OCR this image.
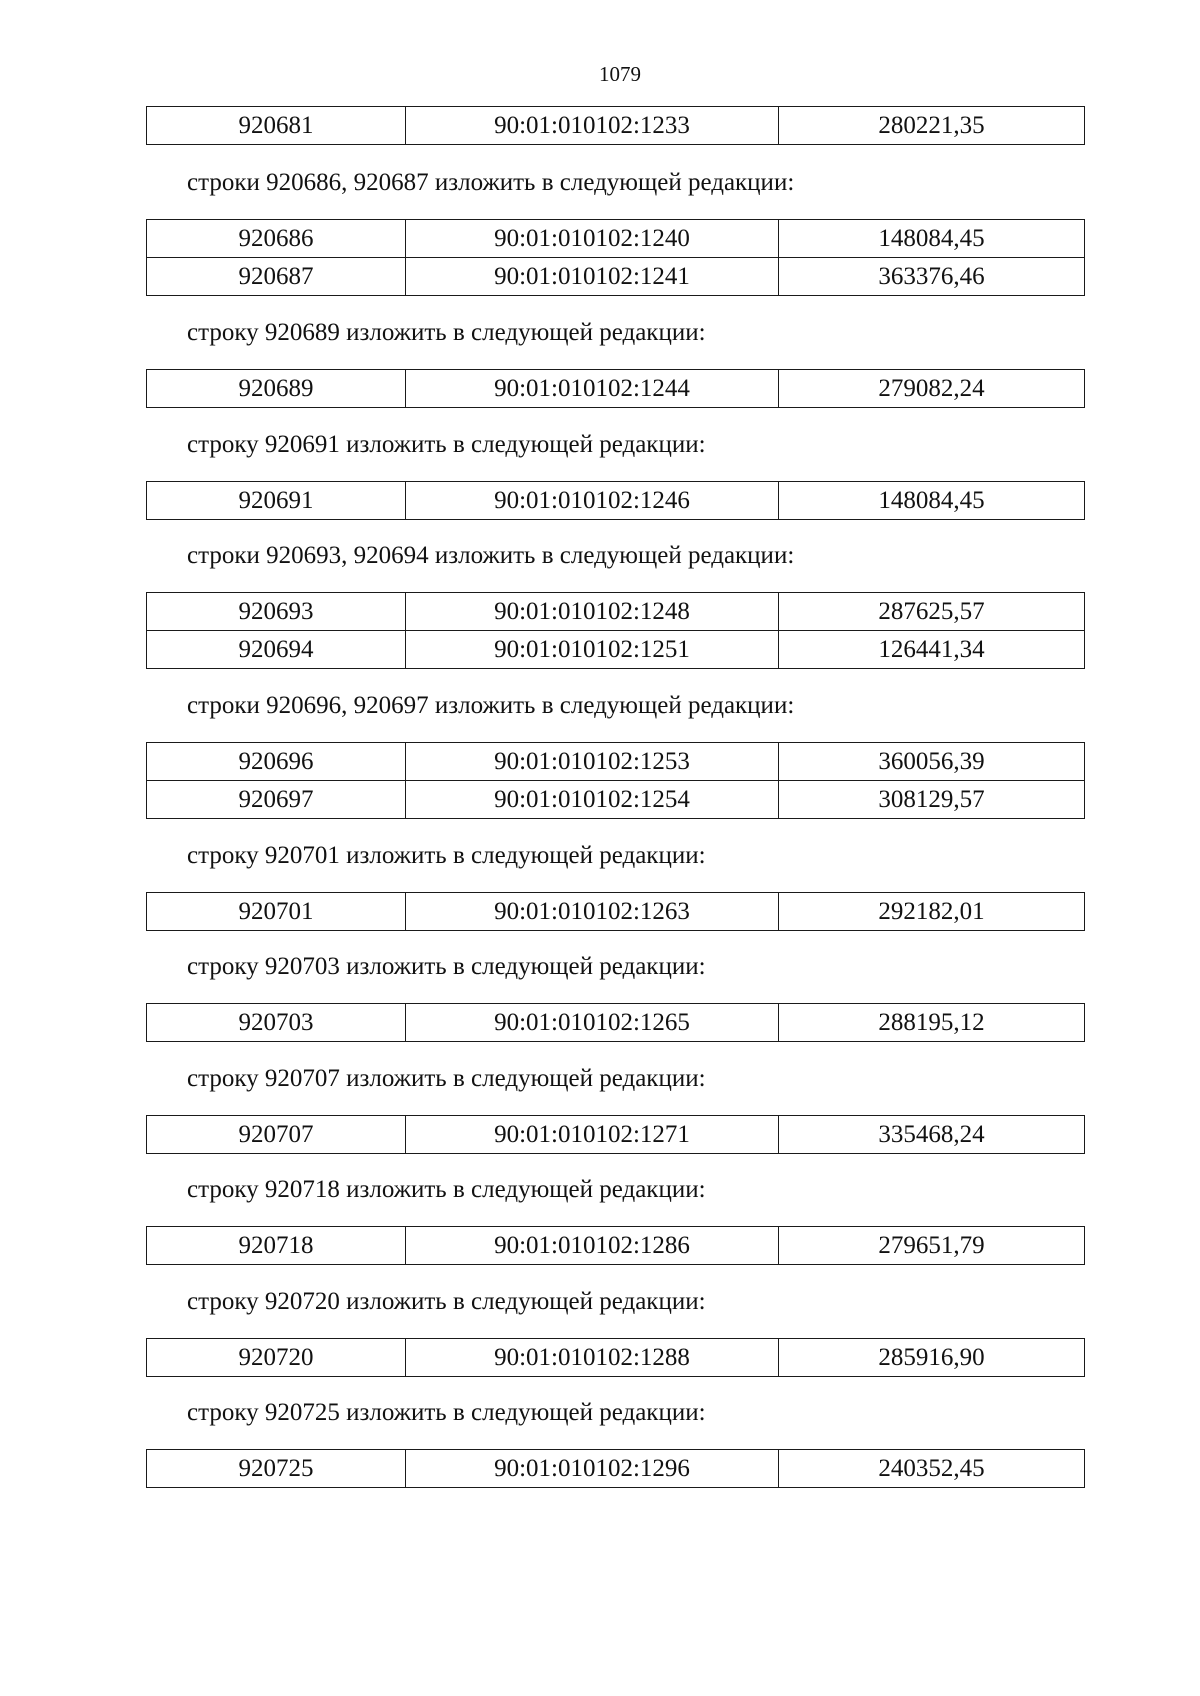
1079
920681	90:01:010102:1233	280221,35
строки 920686, 920687 изложить в следующей редакции:
920686	90:01:010102:1240	148084,45
920687	90:01:010102:1241	363376,46
строку 920689 изложить в следующей редакции:
920689	90:01:010102:1244	279082,24
строку 920691 изложить в следующей редакции:
920691	90:01:010102:1246	148084,45
строки 920693, 920694 изложить в следующей редакции:
920693	90:01:010102:1248	287625,57
920694	90:01:010102:1251	126441,34
строки 920696, 920697 изложить в следующей редакции:
920696	90:01:010102:1253	360056,39
920697	90:01:010102:1254	308129,57
строку 920701 изложить в следующей редакции:
920701	90:01:010102:1263	292182,01
строку 920703 изложить в следующей редакции:
920703	90:01:010102:1265	288195,12
строку 920707 изложить в следующей редакции:
920707	90:01:010102:1271	335468,24
строку 920718 изложить в следующей редакции:
920718	90:01:010102:1286	279651,79
строку 920720 изложить в следующей редакции:
920720	90:01:010102:1288	285916,90
строку 920725 изложить в следующей редакции:
920725	90:01:010102:1296	240352,45
